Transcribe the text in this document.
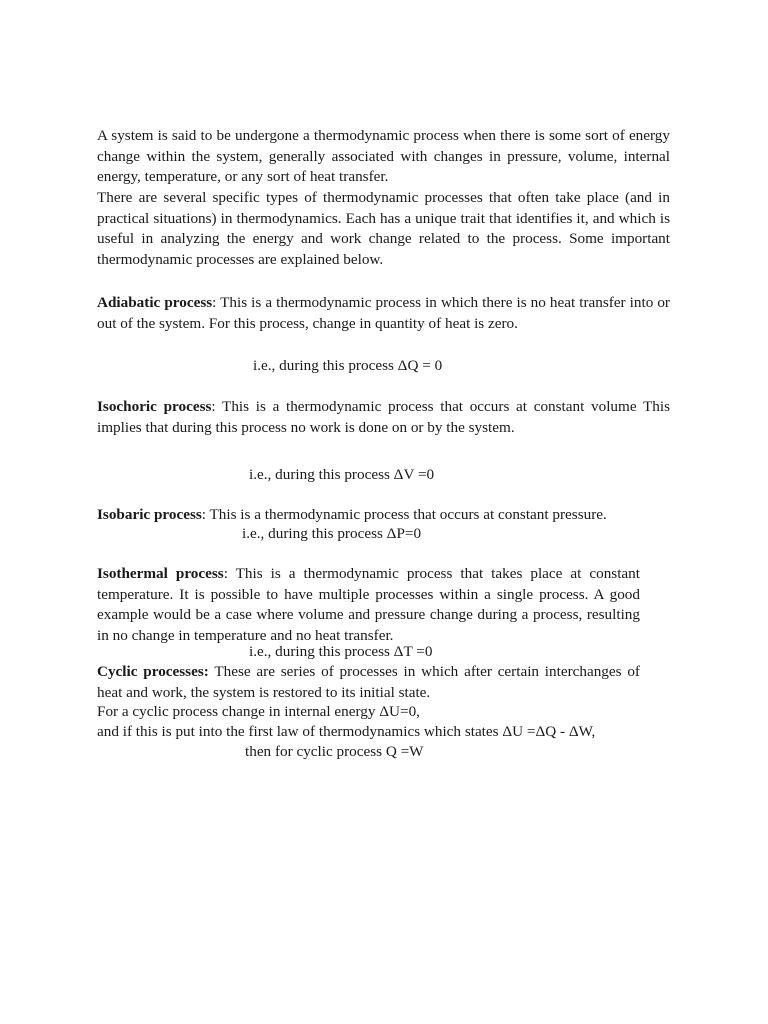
A system is said to be undergone a thermodynamic process when there is some sort of energy change within the system, generally associated with changes in pressure, volume, internal energy, temperature, or any sort of heat transfer.

There are several specific types of thermodynamic processes that often take place (and in practical situations) in thermodynamics. Each has a unique trait that identifies it, and which is useful in analyzing the energy and work change related to the process. Some important thermodynamic processes are explained below.

Adiabatic process: This is a thermodynamic process in which there is no heat transfer into or out of the system. For this process, change in quantity of heat is zero.

i.e., during this process ΔQ = 0

Isochoric process: This is a thermodynamic process that occurs at constant volume This implies that during this process no work is done on or by the system.

i.e., during this process ΔV =0

Isobaric process: This is a thermodynamic process that occurs at constant pressure.

i.e., during this process ΔP=0

Isothermal process: This is a thermodynamic process that takes place at constant temperature. It is possible to have multiple processes within a single process. A good example would be a case where volume and pressure change during a process, resulting in no change in temperature and no heat transfer.

i.e., during this process ΔT =0

Cyclic processes: These are series of processes in which after certain interchanges of heat and work, the system is restored to its initial state.

For a cyclic process change in internal energy ΔU=0,

and if this is put into the first law of thermodynamics which states ΔU =ΔQ - ΔW,

then for cyclic process Q =W
